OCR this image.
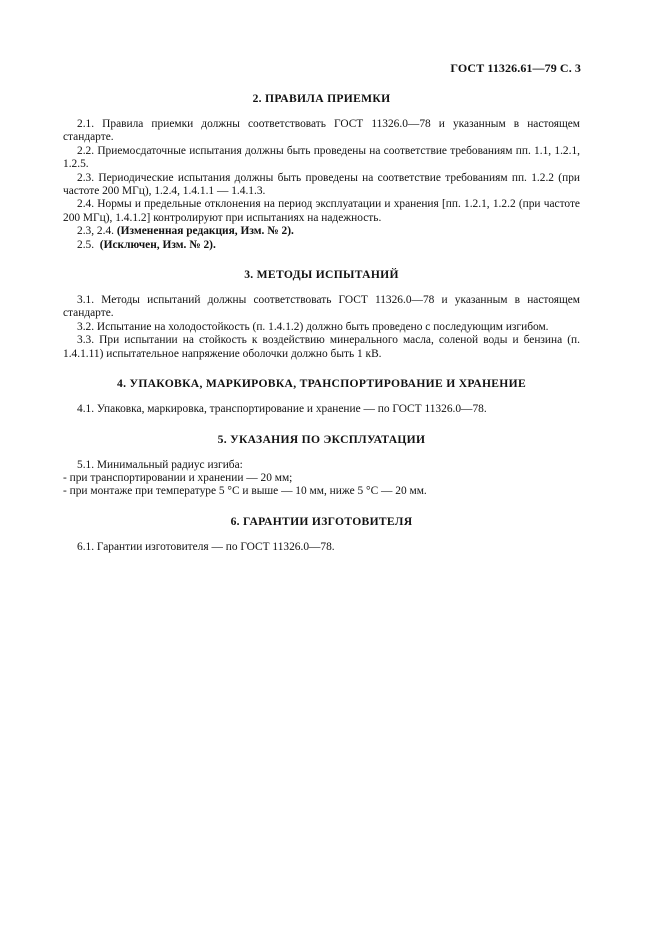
ГОСТ 11326.61—79 С. 3
2. ПРАВИЛА ПРИЕМКИ

2.1. Правила приемки должны соответствовать ГОСТ 11326.0—78 и указанным в настоящем стандарте.

2.2. Приемосдаточные испытания должны быть проведены на соответствие требованиям пп. 1.1, 1.2.1, 1.2.5.

2.3. Периодические испытания должны быть проведены на соответствие требованиям пп. 1.2.2 (при частоте 200 МГц), 1.2.4, 1.4.1.1 — 1.4.1.3.

2.4. Нормы и предельные отклонения на период эксплуатации и хранения [пп. 1.2.1, 1.2.2 (при частоте 200 МГц), 1.4.1.2] контролируют при испытаниях на надежность.

2.3, 2.4. (Измененная редакция, Изм. № 2).

2.5. (Исключен, Изм. № 2).

3. МЕТОДЫ ИСПЫТАНИЙ

3.1. Методы испытаний должны соответствовать ГОСТ 11326.0—78 и указанным в настоящем стандарте.

3.2. Испытание на холодостойкость (п. 1.4.1.2) должно быть проведено с последующим изгибом.

3.3. При испытании на стойкость к воздействию минерального масла, соленой воды и бензина (п. 1.4.1.11) испытательное напряжение оболочки должно быть 1 кВ.

4. УПАКОВКА, МАРКИРОВКА, ТРАНСПОРТИРОВАНИЕ И ХРАНЕНИЕ

4.1. Упаковка, маркировка, транспортирование и хранение — по ГОСТ 11326.0—78.

5. УКАЗАНИЯ ПО ЭКСПЛУАТАЦИИ

5.1. Минимальный радиус изгиба:

- при транспортировании и хранении — 20 мм;

- при монтаже при температуре 5 °С и выше — 10 мм, ниже 5 °С — 20 мм.

6. ГАРАНТИИ ИЗГОТОВИТЕЛЯ

6.1. Гарантии изготовителя — по ГОСТ 11326.0—78.
